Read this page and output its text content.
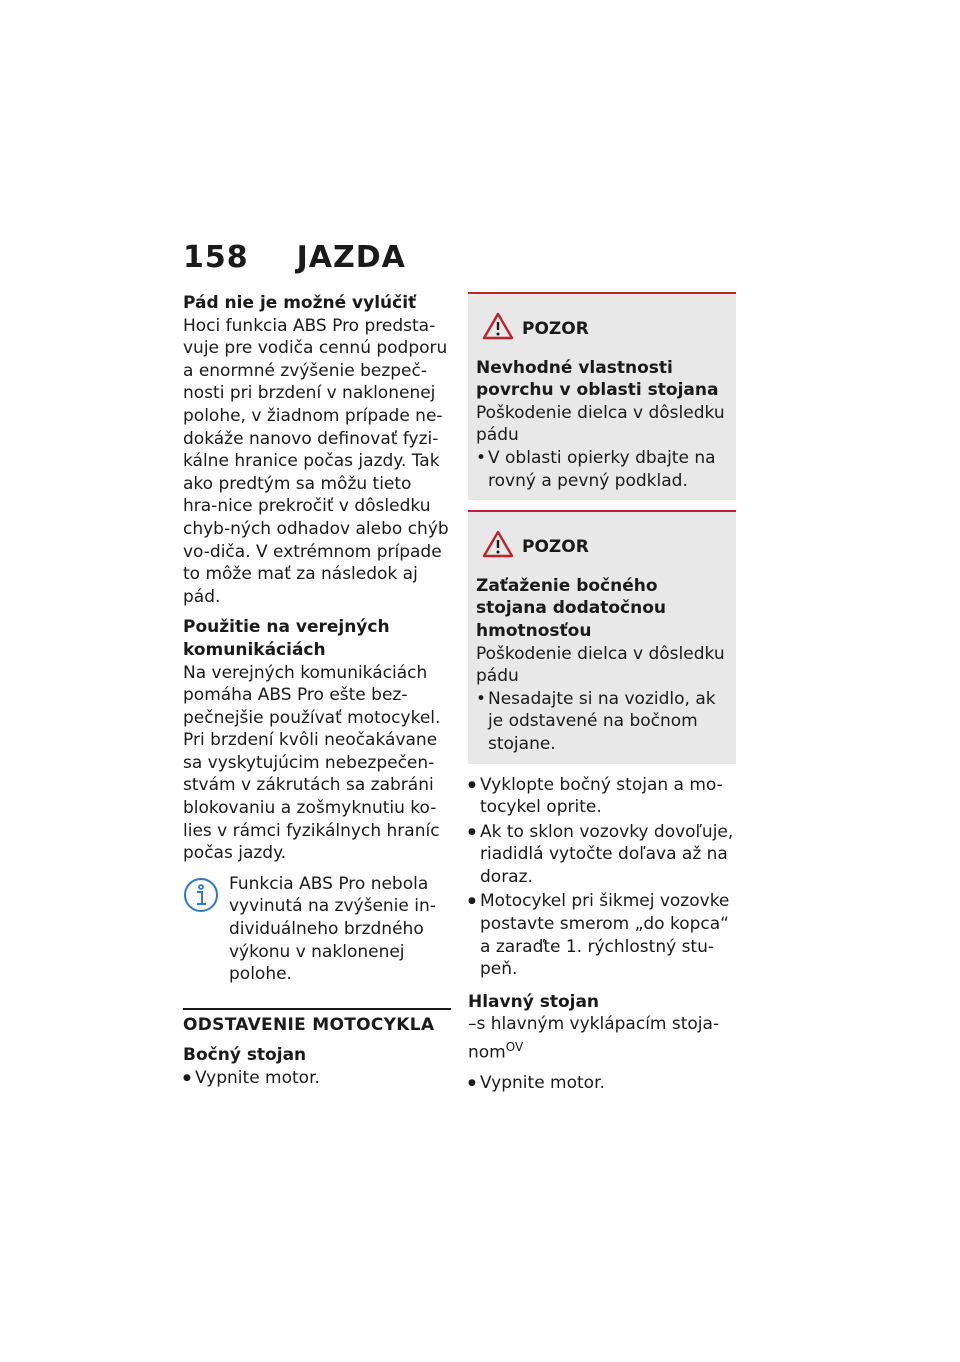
158 JAZDA

Pád nie je možné vylúčiť

Hoci funkcia ABS Pro predsta-vuje pre vodiča cennú podporu a enormné zvýšenie bezpeč-nosti pri brzdení v naklonenej polohe, v žiadnom prípade ne-dokáže nanovo definovať fyzi-kálne hranice počas jazdy. Tak ako predtým sa môžu tieto hra-nice prekročiť v dôsledku chyb-ných odhadov alebo chýb vo-diča. V extrémnom prípade to môže mať za následok aj pád.

Použitie na verejných komunikáciách

Na verejných komunikáciách pomáha ABS Pro ešte bez-pečnejšie používať motocykel. Pri brzdení kvôli neočakávane sa vyskytujúcim nebezpečen-stvám v zákrutách sa zabráni blokovaniu a zošmyknutiu ko-lies v rámci fyzikálnych hraníc počas jazdy.

Funkcia ABS Pro nebola vyvinutá na zvýšenie in-dividuálneho brzdného výkonu v naklonenej polohe.

ODSTAVENIE MOTOCYKLA

Bočný stojan

● Vypnite motor.

POZOR

Nevhodné vlastnosti povrchu v oblasti stojana

Poškodenie dielca v dôsledku pádu

• V oblasti opierky dbajte na rovný a pevný podklad.

POZOR

Zaťaženie bočného stojana dodatočnou hmotnosťou

Poškodenie dielca v dôsledku pádu

• Nesadajte si na vozidlo, ak je odstavené na bočnom stojane.

● Vyklopte bočný stojan a mo-tocykel oprite.

● Ak to sklon vozovky dovoľuje, riadidlá vytočte doľava až na doraz.

● Motocykel pri šikmej vozovke postavte smerom „do kopca“ a zaraďte 1. rýchlostný stu-peň.

Hlavný stojan

–s hlavným vyklápacím stoja-nom$^{OV}$

● Vypnite motor.
